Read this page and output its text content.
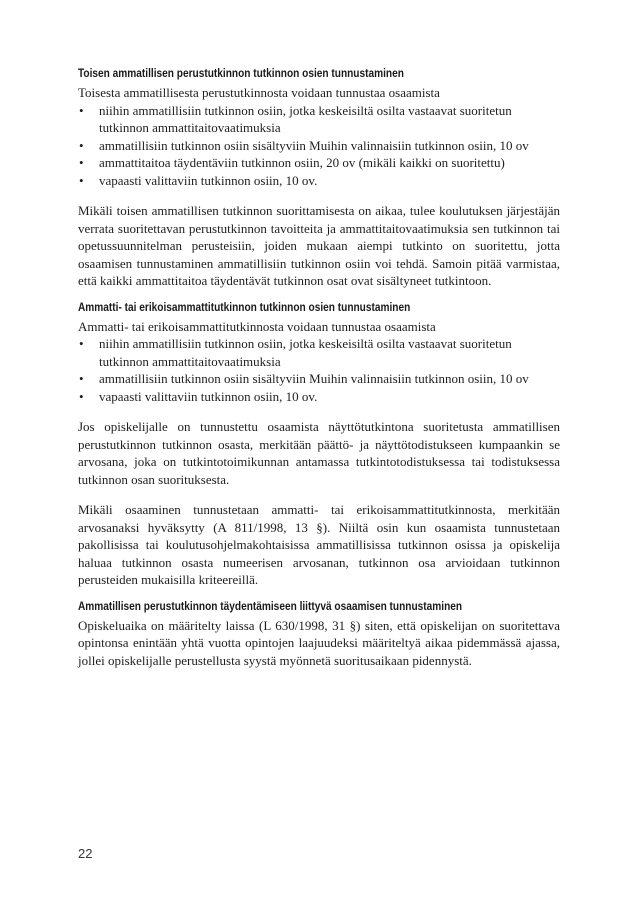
Toisen ammatillisen perustutkinnon tutkinnon osien tunnustaminen

Toisesta ammatillisesta perustutkinnosta voidaan tunnustaa osaamista

• niihin ammatillisiin tutkinnon osiin, jotka keskeisiltä osilta vastaavat suoritetun tutkinnon ammattitaitovaatimuksia
• ammatillisiin tutkinnon osiin sisältyviin Muihin valinnaisiin tutkinnon osiin, 10 ov
• ammattitaitoa täydentäviin tutkinnon osiin, 20 ov (mikäli kaikki on suoritettu)
• vapaasti valittaviin tutkinnon osiin, 10 ov.

Mikäli toisen ammatillisen tutkinnon suorittamisesta on aikaa, tulee koulutuksen järjestäjän verrata suoritettavan perustutkinnon tavoitteita ja ammattitaitovaatimuksia sen tutkinnon tai opetussuunnitelman perusteisiin, joiden mukaan aiempi tutkinto on suoritettu, jotta osaamisen tunnustaminen ammatillisiin tutkinnon osiin voi tehdä. Samoin pitää varmistaa, että kaikki ammattitaitoa täydentävät tutkinnon osat ovat sisältyneet tutkintoon.

Ammatti- tai erikoisammattitutkinnon tutkinnon osien tunnustaminen

Ammatti- tai erikoisammattitutkinnosta voidaan tunnustaa osaamista

• niihin ammatillisiin tutkinnon osiin, jotka keskeisiltä osilta vastaavat suoritetun tutkinnon ammattitaitovaatimuksia
• ammatillisiin tutkinnon osiin sisältyviin Muihin valinnaisiin tutkinnon osiin, 10 ov
• vapaasti valittaviin tutkinnon osiin, 10 ov.

Jos opiskelijalle on tunnustettu osaamista näyttötutkintona suoritetusta ammatillisen perustutkinnon tutkinnon osasta, merkitään päättö- ja näyttötodistukseen kumpaankin se arvosana, joka on tutkintotoimikunnan antamassa tutkintotodistuksessa tai todistuksessa tutkinnon osan suorituksesta.

Mikäli osaaminen tunnustetaan ammatti- tai erikoisammattitutkinnosta, merkitään arvosanaksi hyväksytty (A 811/1998, 13 §). Niiltä osin kun osaamista tunnustetaan pakollisissa tai koulutusohjelmakohtaisissa ammatillisissa tutkinnon osissa ja opiskelija haluaa tutkinnon osasta numeerisen arvosanan, tutkinnon osa arvioidaan tutkinnon perusteiden mukaisilla kriteereillä.

Ammatillisen perustutkinnon täydentämiseen liittyvä osaamisen tunnustaminen

Opiskeluaika on määritelty laissa (L 630/1998, 31 §) siten, että opiskelijan on suoritettava opintonsa enintään yhtä vuotta opintojen laajuudeksi määriteltyä aikaa pidemmässä ajassa, jollei opiskelijalle perustellusta syystä myönnetä suoritusaikaan pidennystä.

22
